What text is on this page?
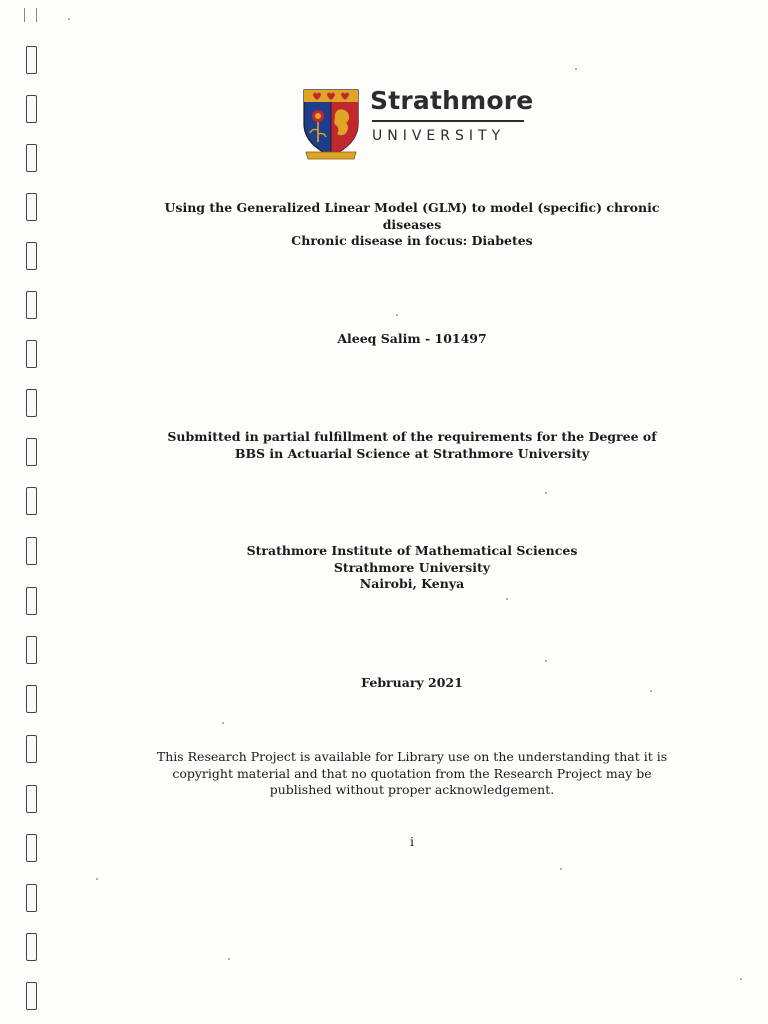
Strathmore
UNIVERSITY

Using the Generalized Linear Model (GLM) to model (specific) chronic

diseases

Chronic disease in focus: Diabetes

Aleeq Salim - 101497

Submitted in partial fulfillment of the requirements for the Degree of

BBS in Actuarial Science at Strathmore University

Strathmore Institute of Mathematical Sciences

Strathmore University

Nairobi, Kenya

February 2021

This Research Project is available for Library use on the understanding that it is

copyright material and that no quotation from the Research Project may be

published without proper acknowledgement.

i
